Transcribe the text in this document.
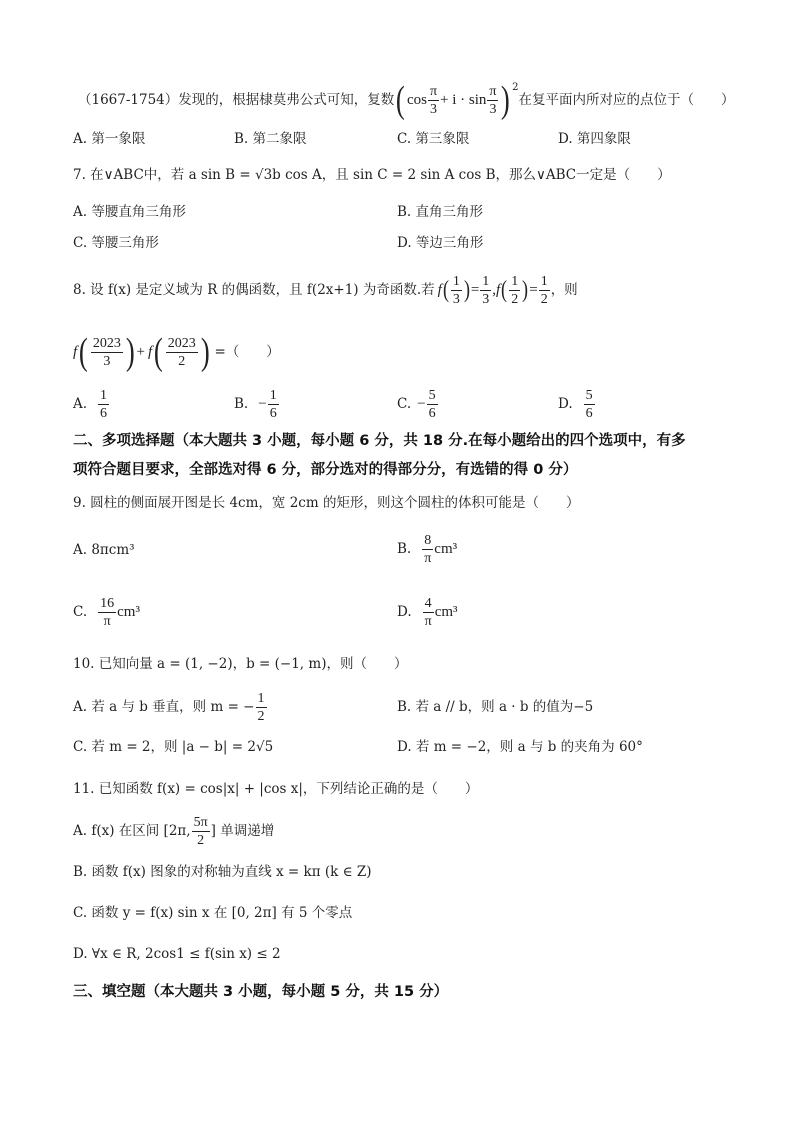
（1667-1754）发现的，根据棣莫弗公式可知，复数 ( $\cos \frac{\pi}{3} + i \cdot \sin \frac{\pi}{3} )^2$
在复平面内所对应的点位于（　　）
A. 第一象限	B. 第二象限	C. 第三象限	D. 第四象限
7. 在∨ABC中，若 a sin B = √3b cos A，且 sin C = 2 sin A cos B，那么∨ABC一定是（　　）
A. 等腰直角三角形	B. 直角三角形
C. 等腰三角形	D. 等边三角形
8. 设 f(x) 是定义域为 R 的偶函数，且 f(2x+1) 为奇函数.若 f ( $\frac{1}{3}$ ) = $\frac{1}{3}$ , f ( $\frac{1}{2}$ ) = $\frac{1}{2}$ ，则
f ( $\frac{2023}{3}$ ) + f ( $\frac{2023}{2}$ ) =（　　）
A. $\frac{1}{6}$	B. − $\frac{1}{6}$	C. − $\frac{5}{6}$	D. $\frac{5}{6}$
二、多项选择题（本大题共 3 小题，每小题 6 分，共 18 分.在每小题给出的四个选项中，有多
项符合题目要求，全部选对得 6 分，部分选对的得部分分，有选错的得 0 分）
9. 圆柱的侧面展开图是长 4cm，宽 2cm 的矩形，则这个圆柱的体积可能是（　　）
A. 8πcm³	B. $\frac{8}{\pi} cm^3$
C. $\frac{16}{\pi} cm^3$	D. $\frac{4}{\pi} cm^3$
10. 已知向量 a = (1, −2)，b = (−1, m)，则（　　）
A. 若 a 与 b 垂直，则 m = − $\frac{1}{2}$	B. 若 a // b，则 a · b 的值为−5
C. 若 m = 2，则 |a − b| = 2√5	D. 若 m = −2，则 a 与 b 的夹角为 60°
11. 已知函数 f(x) = cos|x| + |cos x|，下列结论正确的是（　　）
A. f(x) 在区间 [2π, $\frac{5\pi}{2}$ ] 单调递增
B. 函数 f(x) 图象的对称轴为直线 x = kπ (k ∈ Z)
C. 函数 y = f(x) sin x 在 [0, 2π] 有 5 个零点
D. ∀x ∈ R, 2cos1 ≤ f(sin x) ≤ 2
三、填空题（本大题共 3 小题，每小题 5 分，共 15 分）
